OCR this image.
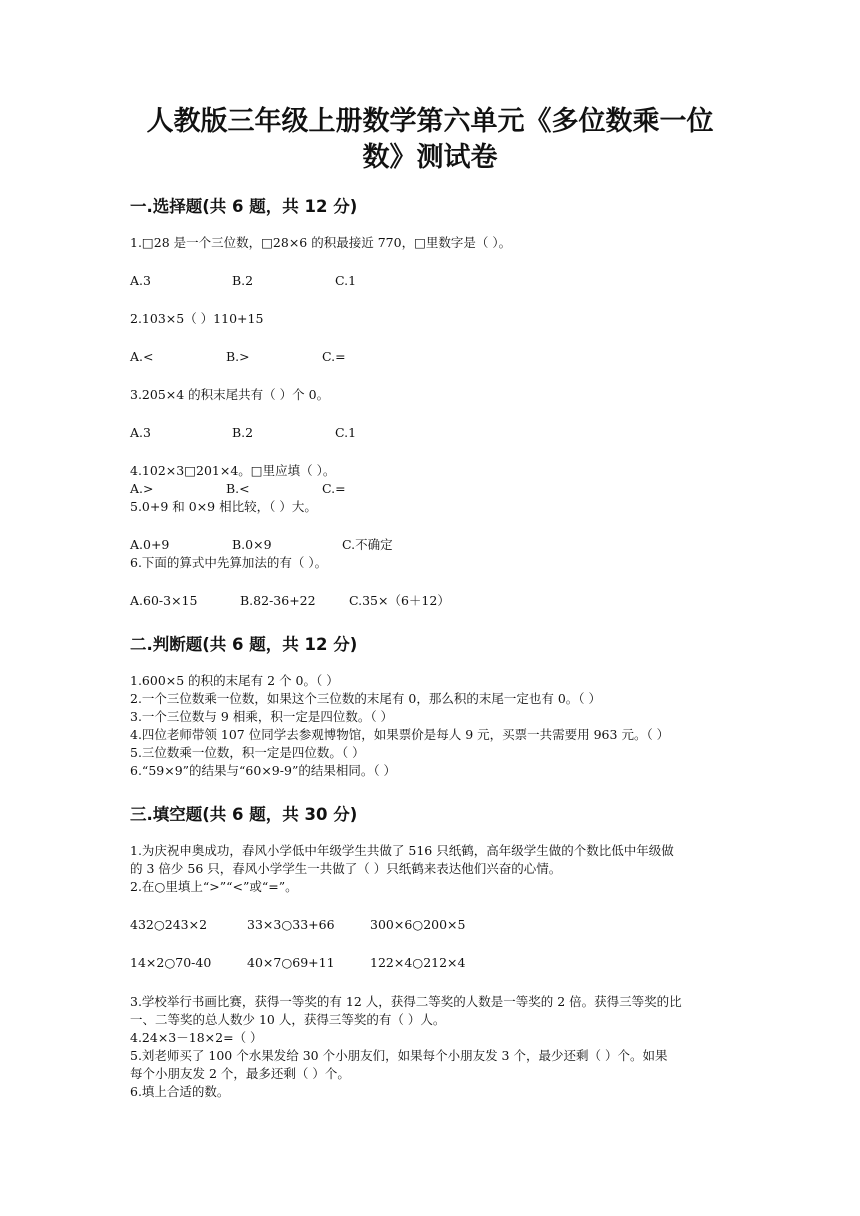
人教版三年级上册数学第六单元《多位数乘一位
数》测试卷
一.选择题(共 6 题，共 12 分)
1.□28 是一个三位数，□28×6 的积最接近 770，□里数字是（ ）。
A.3	B.2	C.1
2.103×5（ ）110+15
A.<	B.>	C.=
3.205×4 的积末尾共有（ ）个 0。
A.3	B.2	C.1
4.102×3□201×4。□里应填（ ）。
A.>	B.<	C.=
5.0+9 和 0×9 相比较，（ ）大。
A.0+9	B.0×9	C.不确定
6.下面的算式中先算加法的有（ ）。
A.60-3×15	B.82-36+22	C.35×（6＋12）
二.判断题(共 6 题，共 12 分)
1.600×5 的积的末尾有 2 个 0。（ ）
2.一个三位数乘一位数，如果这个三位数的末尾有 0，那么积的末尾一定也有 0。（ ）
3.一个三位数与 9 相乘，积一定是四位数。（ ）
4.四位老师带领 107 位同学去参观博物馆，如果票价是每人 9 元，买票一共需要用 963 元。（ ）
5.三位数乘一位数，积一定是四位数。（ ）
6.“59×9”的结果与“60×9-9”的结果相同。（ ）
三.填空题(共 6 题，共 30 分)
1.为庆祝申奥成功，春风小学低中年级学生共做了 516 只纸鹤，高年级学生做的个数比低中年级做
的 3 倍少 56 只，春风小学学生一共做了（ ）只纸鹤来表达他们兴奋的心情。
2.在○里填上“>”“<”或“=”。
432○243×2	33×3○33+66	300×6○200×5
14×2○70-40	40×7○69+11	122×4○212×4
3.学校举行书画比赛，获得一等奖的有 12 人，获得二等奖的人数是一等奖的 2 倍。获得三等奖的比
一、二等奖的总人数少 10 人，获得三等奖的有（ ）人。
4.24×3－18×2=（ ）
5.刘老师买了 100 个水果发给 30 个小朋友们，如果每个小朋友发 3 个，最少还剩（ ）个。如果
每个小朋友发 2 个，最多还剩（ ）个。
6.填上合适的数。
